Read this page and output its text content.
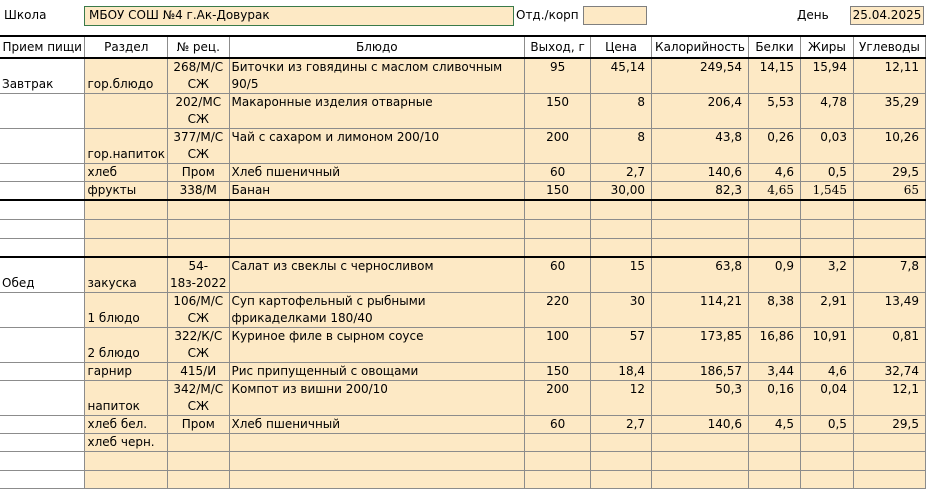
Школа	МБОУ СОШ №4 г.Ак-Довурак	Отд./корп	День 25.04.2025
Прием пищи	Раздел	№ рец.	Блюдо	Выход, г	Цена	Калорийность	Белки	Жиры	Углеводы
Завтрак	гор.блюдо	268/М/С СЖ	Биточки из говядины с маслом сливочным 90/5	95	45,14	249,54	14,15	15,94	12,11
		202/МС СЖ	Макаронные изделия отварные	150	8	206,4	5,53	4,78	35,29
	гор.напиток	377/М/С СЖ	Чай с сахаром и лимоном 200/10	200	8	43,8	0,26	0,03	10,26
	хлеб	Пром	Хлеб пшеничный	60	2,7	140,6	4,6	0,5	29,5
	фрукты	338/М	Банан	150	30,00	82,3	4,65	1,545	65

Обед	закуска	54-18з-2022	Салат из свеклы с черносливом	60	15	63,8	0,9	3,2	7,8
	1 блюдо	106/М/С СЖ	Суп картофельный с рыбными фрикаделками 180/40	220	30	114,21	8,38	2,91	13,49
	2 блюдо	322/К/С СЖ	Куриное филе в сырном соусе	100	57	173,85	16,86	10,91	0,81
	гарнир	415/И	Рис припущенный с овощами	150	18,4	186,57	3,44	4,6	32,74
	напиток	342/М/С СЖ	Компот из вишни 200/10	200	12	50,3	0,16	0,04	12,1
	хлеб бел.	Пром	Хлеб пшеничный	60	2,7	140,6	4,5	0,5	29,5
	хлеб черн.								
